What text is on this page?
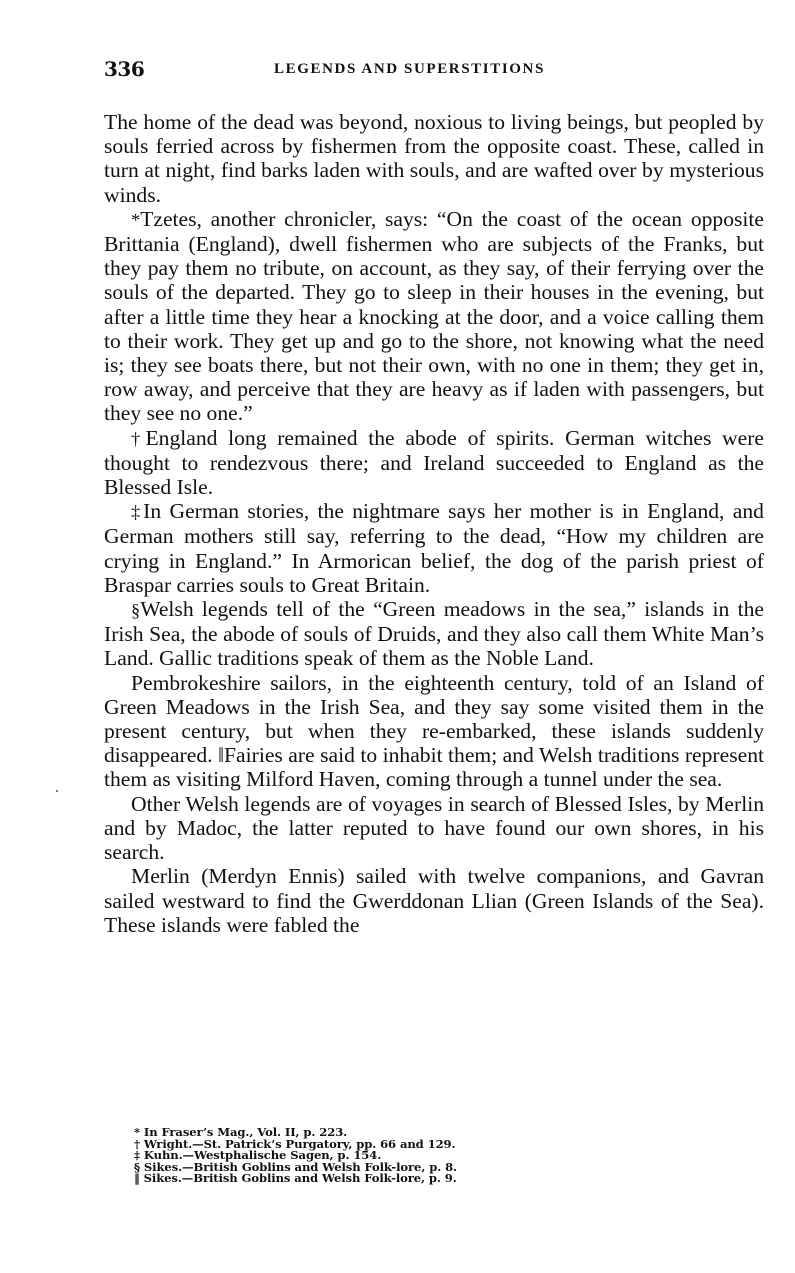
336	LEGENDS AND SUPERSTITIONS

The home of the dead was beyond, noxious to living beings, but peopled by souls ferried across by fishermen from the opposite coast. These, called in turn at night, find barks laden with souls, and are wafted over by mysterious winds.

*Tzetes, another chronicler, says: “On the coast of the ocean opposite Brittania (England), dwell fishermen who are subjects of the Franks, but they pay them no tribute, on account, as they say, of their ferrying over the souls of the departed. They go to sleep in their houses in the evening, but after a little time they hear a knocking at the door, and a voice calling them to their work. They get up and go to the shore, not knowing what the need is; they see boats there, but not their own, with no one in them; they get in, row away, and perceive that they are heavy as if laden with passengers, but they see no one.”

†England long remained the abode of spirits. German witches were thought to rendezvous there; and Ireland succeeded to England as the Blessed Isle.

‡In German stories, the nightmare says her mother is in England, and German mothers still say, referring to the dead, “How my children are crying in England.” In Armorican belief, the dog of the parish priest of Braspar carries souls to Great Britain.

§Welsh legends tell of the “Green meadows in the sea,” islands in the Irish Sea, the abode of souls of Druids, and they also call them White Man’s Land. Gallic traditions speak of them as the Noble Land.

Pembrokeshire sailors, in the eighteenth century, told of an Island of Green Meadows in the Irish Sea, and they say some visited them in the present century, but when they re-embarked, these islands suddenly disappeared. ‖Fairies are said to inhabit them; and Welsh traditions represent them as visiting Milford Haven, coming through a tunnel under the sea.

Other Welsh legends are of voyages in search of Blessed Isles, by Merlin and by Madoc, the latter reputed to have found our own shores, in his search.

Merlin (Merdyn Ennis) sailed with twelve companions, and Gavran sailed westward to find the Gwerddonan Llian (Green Islands of the Sea). These islands were fabled the

* In Fraser’s Mag., Vol. II, p. 223.
† Wright.—St. Patrick’s Purgatory, pp. 66 and 129.
‡ Kuhn.—Westphalische Sagen, p. 154.
§ Sikes.—British Goblins and Welsh Folk-lore, p. 8.
‖ Sikes.—British Goblins and Welsh Folk-lore, p. 9.
